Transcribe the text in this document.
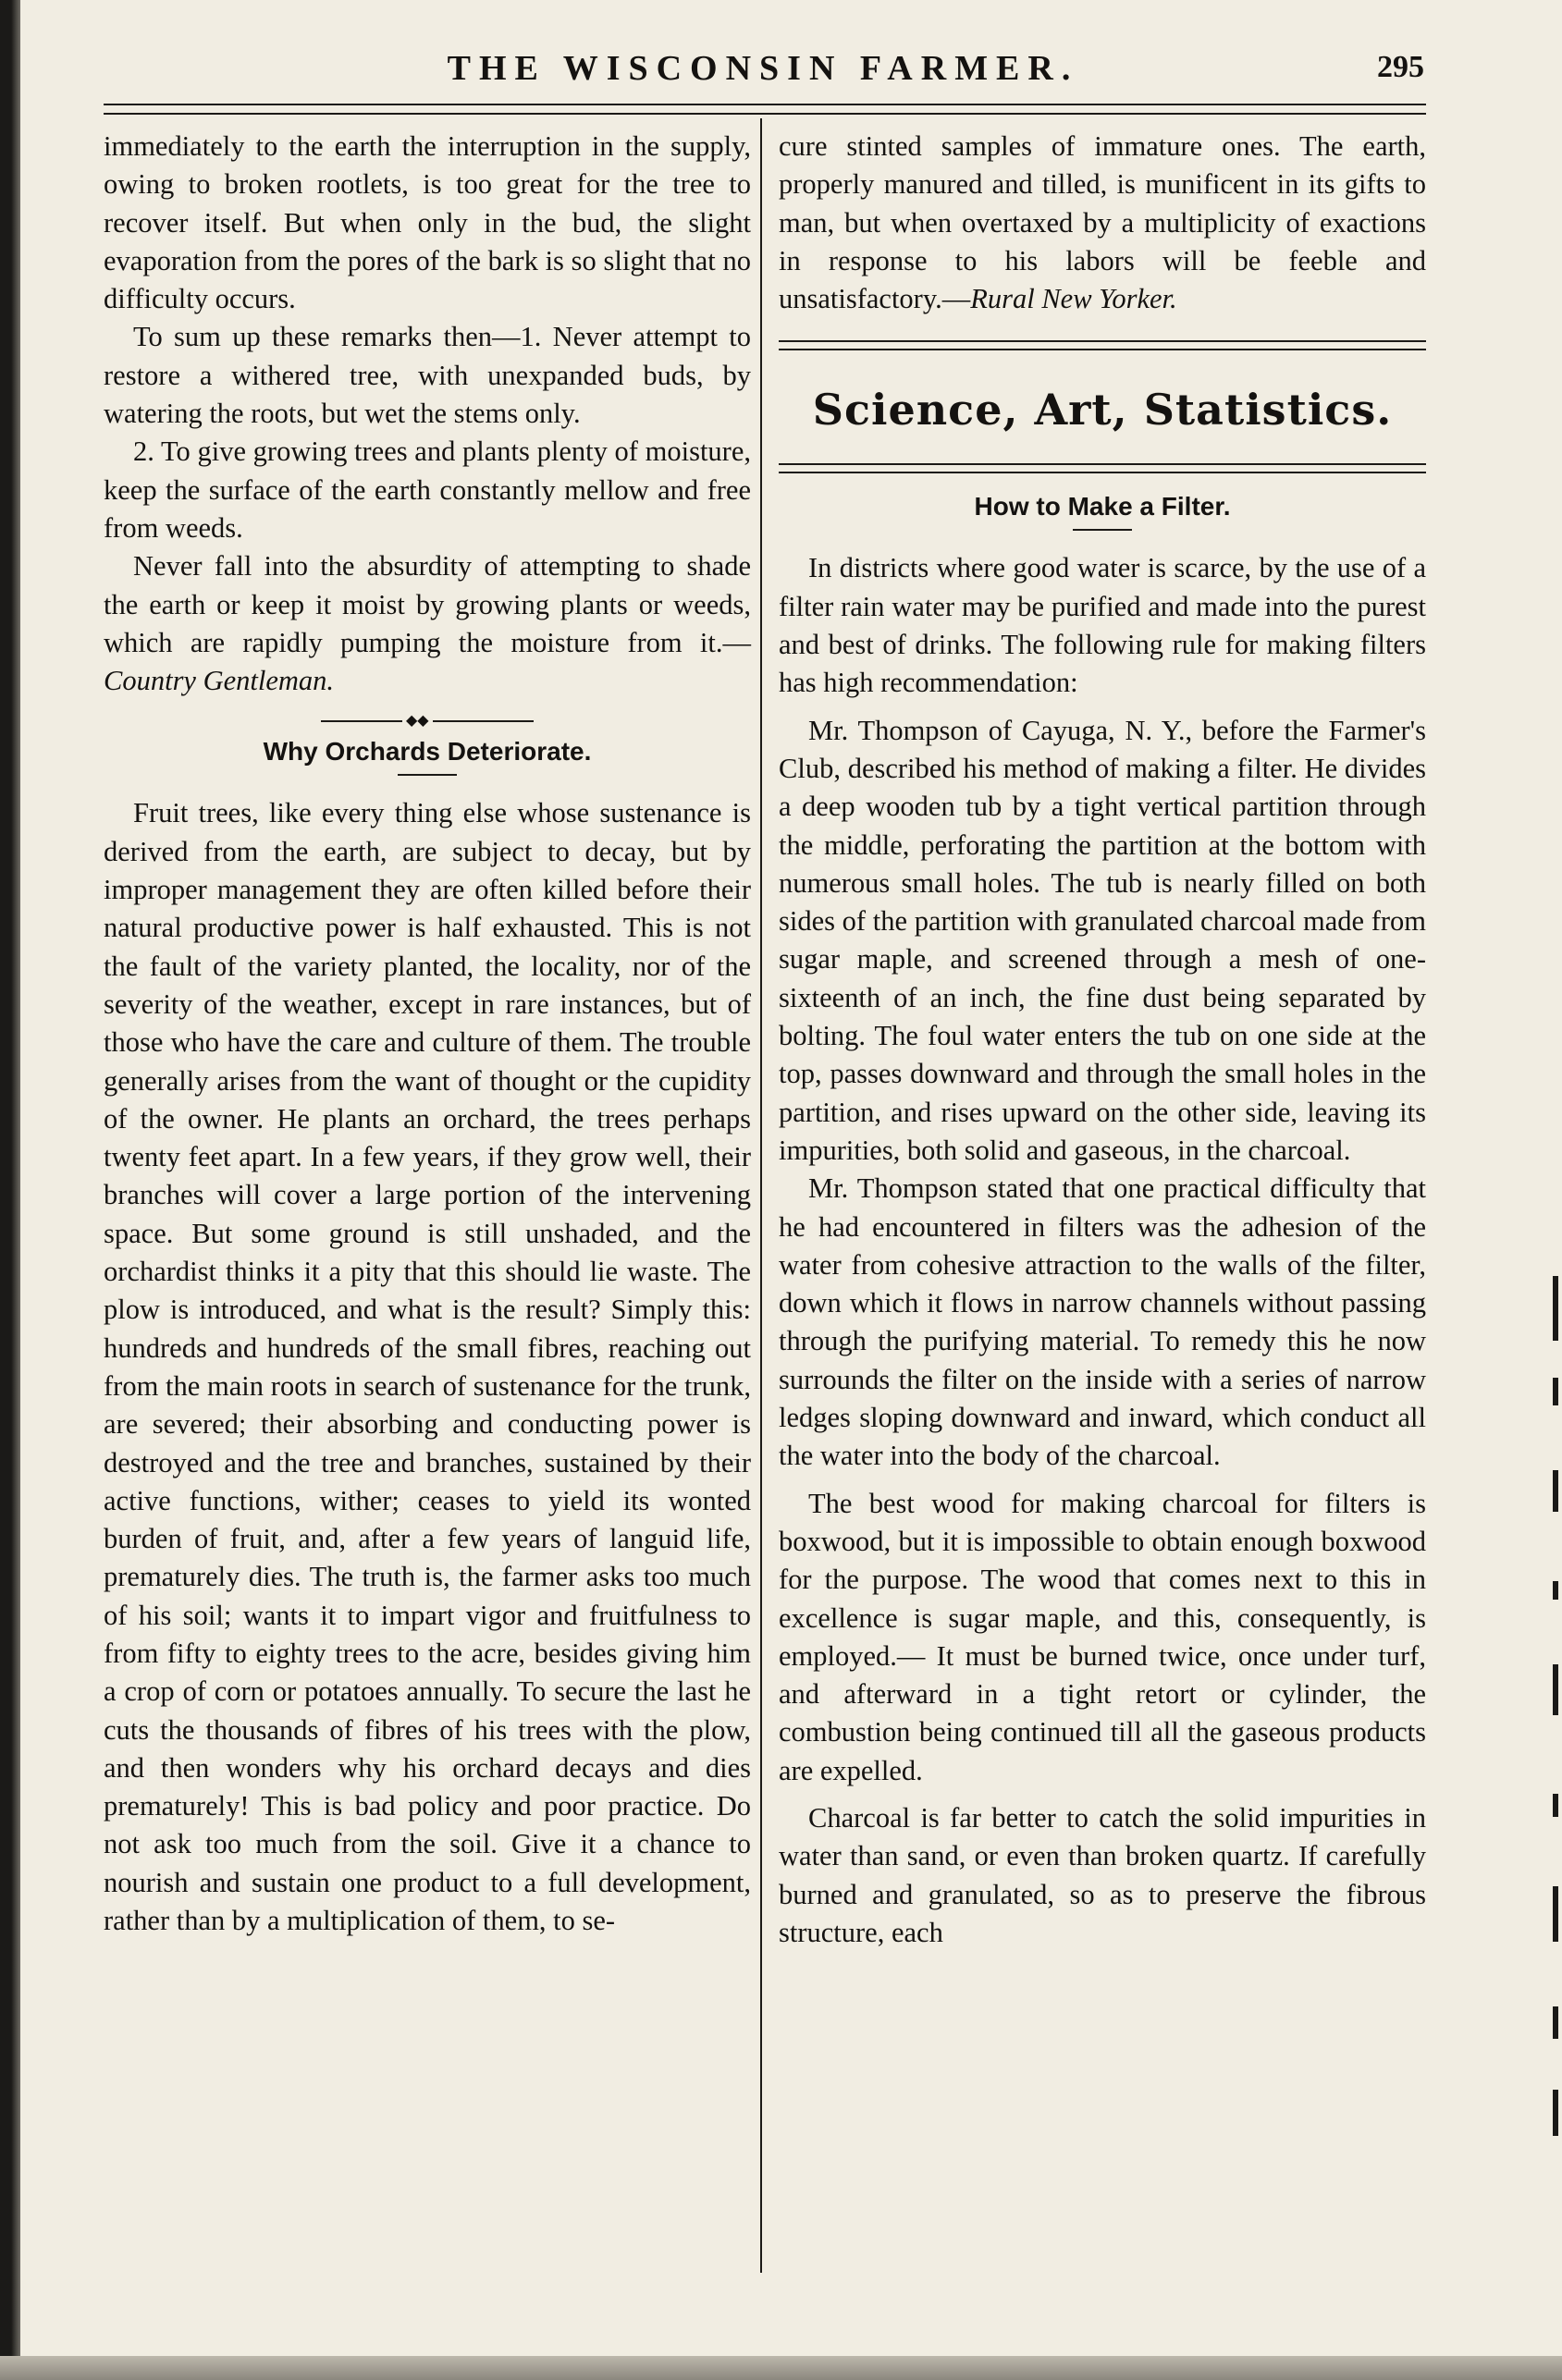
THE WISCONSIN FARMER.	295

immediately to the earth the interruption in the supply, owing to broken rootlets, is too great for the tree to recover itself. But when only in the bud, the slight evaporation from the pores of the bark is so slight that no difficulty occurs.

To sum up these remarks then—1. Never attempt to restore a withered tree, with unexpanded buds, by watering the roots, but wet the stems only.

2. To give growing trees and plants plenty of moisture, keep the surface of the earth constantly mellow and free from weeds.

Never fall into the absurdity of attempting to shade the earth or keep it moist by growing plants or weeds, which are rapidly pumping the moisture from it.—Country Gentleman.

◆◆
Why Orchards Deteriorate.

Fruit trees, like every thing else whose sustenance is derived from the earth, are subject to decay, but by improper management they are often killed before their natural productive power is half exhausted. This is not the fault of the variety planted, the locality, nor of the severity of the weather, except in rare instances, but of those who have the care and culture of them. The trouble generally arises from the want of thought or the cupidity of the owner. He plants an orchard, the trees perhaps twenty feet apart. In a few years, if they grow well, their branches will cover a large portion of the intervening space. But some ground is still unshaded, and the orchardist thinks it a pity that this should lie waste. The plow is introduced, and what is the result? Simply this: hundreds and hundreds of the small fibres, reaching out from the main roots in search of sustenance for the trunk, are severed; their absorbing and conducting power is destroyed and the tree and branches, sustained by their active functions, wither; ceases to yield its wonted burden of fruit, and, after a few years of languid life, prematurely dies. The truth is, the farmer asks too much of his soil; wants it to impart vigor and fruitfulness to from fifty to eighty trees to the acre, besides giving him a crop of corn or potatoes annually. To secure the last he cuts the thousands of fibres of his trees with the plow, and then wonders why his orchard decays and dies prematurely! This is bad policy and poor practice. Do not ask too much from the soil. Give it a chance to nourish and sustain one product to a full development, rather than by a multiplication of them, to se-

cure stinted samples of immature ones. The earth, properly manured and tilled, is munificent in its gifts to man, but when overtaxed by a multiplicity of exactions in response to his labors will be feeble and unsatisfactory.—Rural New Yorker.

Science, Art, Statistics.
How to Make a Filter.

In districts where good water is scarce, by the use of a filter rain water may be purified and made into the purest and best of drinks. The following rule for making filters has high recommendation:

Mr. Thompson of Cayuga, N. Y., before the Farmer's Club, described his method of making a filter. He divides a deep wooden tub by a tight vertical partition through the middle, perforating the partition at the bottom with numerous small holes. The tub is nearly filled on both sides of the partition with granulated charcoal made from sugar maple, and screened through a mesh of one-sixteenth of an inch, the fine dust being separated by bolting. The foul water enters the tub on one side at the top, passes downward and through the small holes in the partition, and rises upward on the other side, leaving its impurities, both solid and gaseous, in the charcoal.

Mr. Thompson stated that one practical difficulty that he had encountered in filters was the adhesion of the water from cohesive attraction to the walls of the filter, down which it flows in narrow channels without passing through the purifying material. To remedy this he now surrounds the filter on the inside with a series of narrow ledges sloping downward and inward, which conduct all the water into the body of the charcoal.

The best wood for making charcoal for filters is boxwood, but it is impossible to obtain enough boxwood for the purpose. The wood that comes next to this in excellence is sugar maple, and this, consequently, is employed.— It must be burned twice, once under turf, and afterward in a tight retort or cylinder, the combustion being continued till all the gaseous products are expelled.

Charcoal is far better to catch the solid impurities in water than sand, or even than broken quartz. If carefully burned and granulated, so as to preserve the fibrous structure, each
